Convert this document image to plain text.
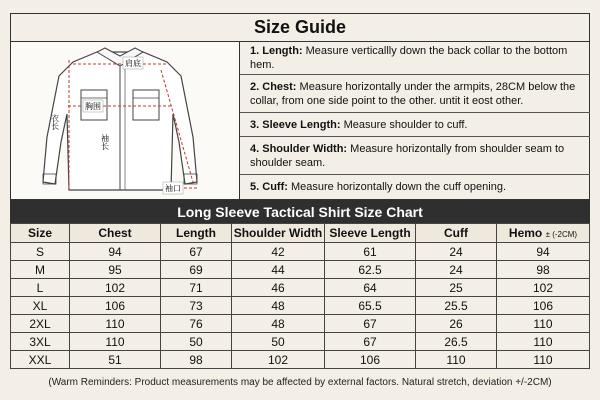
Size Guide
肩底
胸围
衣长
袖长
袖口
1. Length: Measure verticallly down the back collar to the bottom hem.
2. Chest: Measure horizontally under the armpits, 28CM below the collar, from one side point to the other. untit it eost other.
3. Sleeve Length: Measure shoulder to cuff.
4. Shoulder Width: Measure horizontally from shoulder seam to shoulder seam.
5. Cuff: Measure horizontally down the cuff opening.
Long Sleeve Tactical Shirt Size Chart
Size	Chest	Length	Shoulder Width	Sleeve Length	Cuff	Hemo ± (-2CM)
S	94	67	42	61	24	94
M	95	69	44	62.5	24	98
L	102	71	46	64	25	102
XL	106	73	48	65.5	25.5	106
2XL	110	76	48	67	26	110
3XL	110	50	50	67	26.5	110
XXL	51	98	102	106	110	110
(Warm Reminders: Product measurements may be affected by external factors. Natural stretch, deviation +/-2CM)
